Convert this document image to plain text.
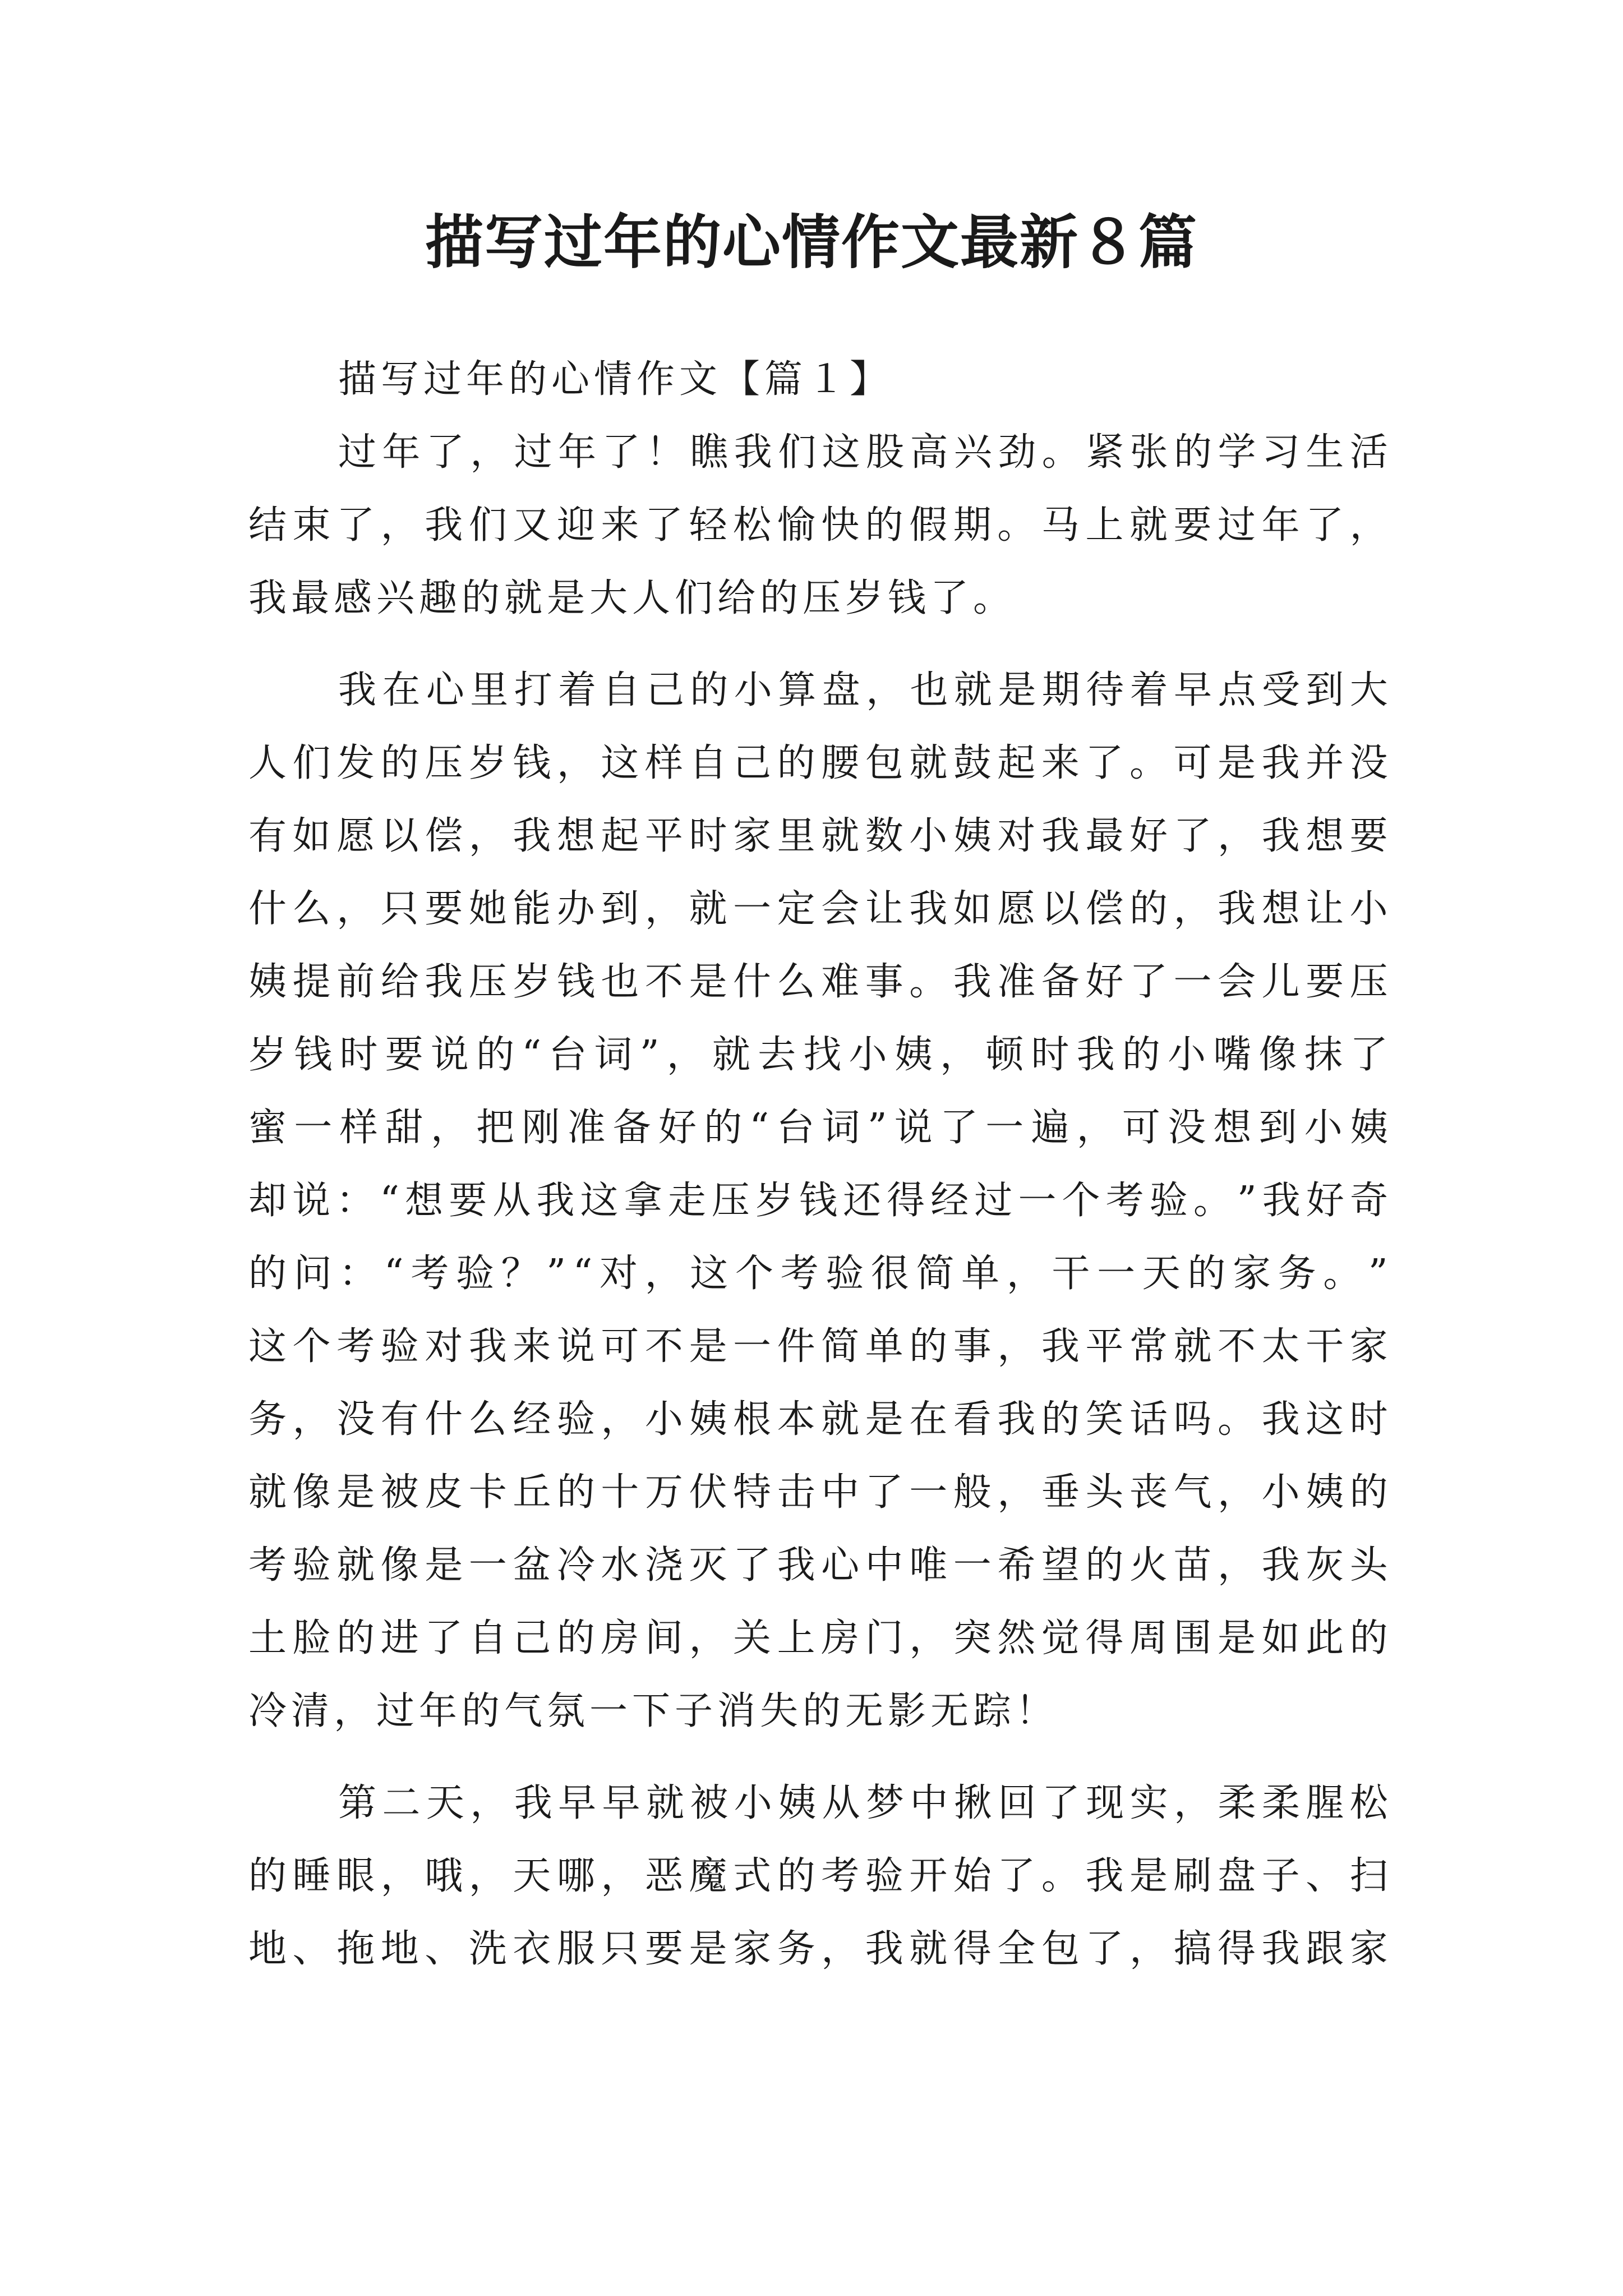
描写过年的心情作文最新８篇
描写过年的心情作文【篇１】
过 年 了 ， 过 年 了 ！ 瞧 我 们 这 股 高 兴 劲 。 紧 张 的 学 习 生 活
结 束 了 ， 我 们 又 迎 来 了 轻 松 愉 快 的 假 期 。 马 上 就 要 过 年 了 ，
我最感兴趣的就是大人们给的压岁钱了。
我 在 心 里 打 着 自 己 的 小 算 盘 ， 也 就 是 期 待 着 早 点 受 到 大
人 们 发 的 压 岁 钱 ， 这 样 自 己 的 腰 包 就 鼓 起 来 了 。 可 是 我 并 没
有 如 愿 以 偿 ， 我 想 起 平 时 家 里 就 数 小 姨 对 我 最 好 了 ， 我 想 要
什 么 ， 只 要 她 能 办 到 ， 就 一 定 会 让 我 如 愿 以 偿 的 ， 我 想 让 小
姨 提 前 给 我 压 岁 钱 也 不 是 什 么 难 事 。 我 准 备 好 了 一 会 儿 要 压
岁 钱 时 要 说 的 “ 台 词 ” ， 就 去 找 小 姨 ， 顿 时 我 的 小 嘴 像 抹 了
蜜 一 样 甜 ， 把 刚 准 备 好 的 “ 台 词 ” 说 了 一 遍 ， 可 没 想 到 小 姨
却 说 ： “ 想 要 从 我 这 拿 走 压 岁 钱 还 得 经 过 一 个 考 验 。 ” 我 好 奇
的 问 ： “ 考 验 ？ ” “ 对 ， 这 个 考 验 很 简 单 ， 干 一 天 的 家 务 。 ”
这 个 考 验 对 我 来 说 可 不 是 一 件 简 单 的 事 ， 我 平 常 就 不 太 干 家
务 ， 没 有 什 么 经 验 ， 小 姨 根 本 就 是 在 看 我 的 笑 话 吗 。 我 这 时
就 像 是 被 皮 卡 丘 的 十 万 伏 特 击 中 了 一 般 ， 垂 头 丧 气 ， 小 姨 的
考 验 就 像 是 一 盆 冷 水 浇 灭 了 我 心 中 唯 一 希 望 的 火 苗 ， 我 灰 头
土 脸 的 进 了 自 己 的 房 间 ， 关 上 房 门 ， 突 然 觉 得 周 围 是 如 此 的
冷清，过年的气氛一下子消失的无影无踪！
第 二 天 ， 我 早 早 就 被 小 姨 从 梦 中 揪 回 了 现 实 ， 柔 柔 腥 松
的 睡 眼 ， 哦 ， 天 哪 ， 恶 魔 式 的 考 验 开 始 了 。 我 是 刷 盘 子 、 扫
地 、 拖 地 、 洗 衣 服 只 要 是 家 务 ， 我 就 得 全 包 了 ， 搞 得 我 跟 家
